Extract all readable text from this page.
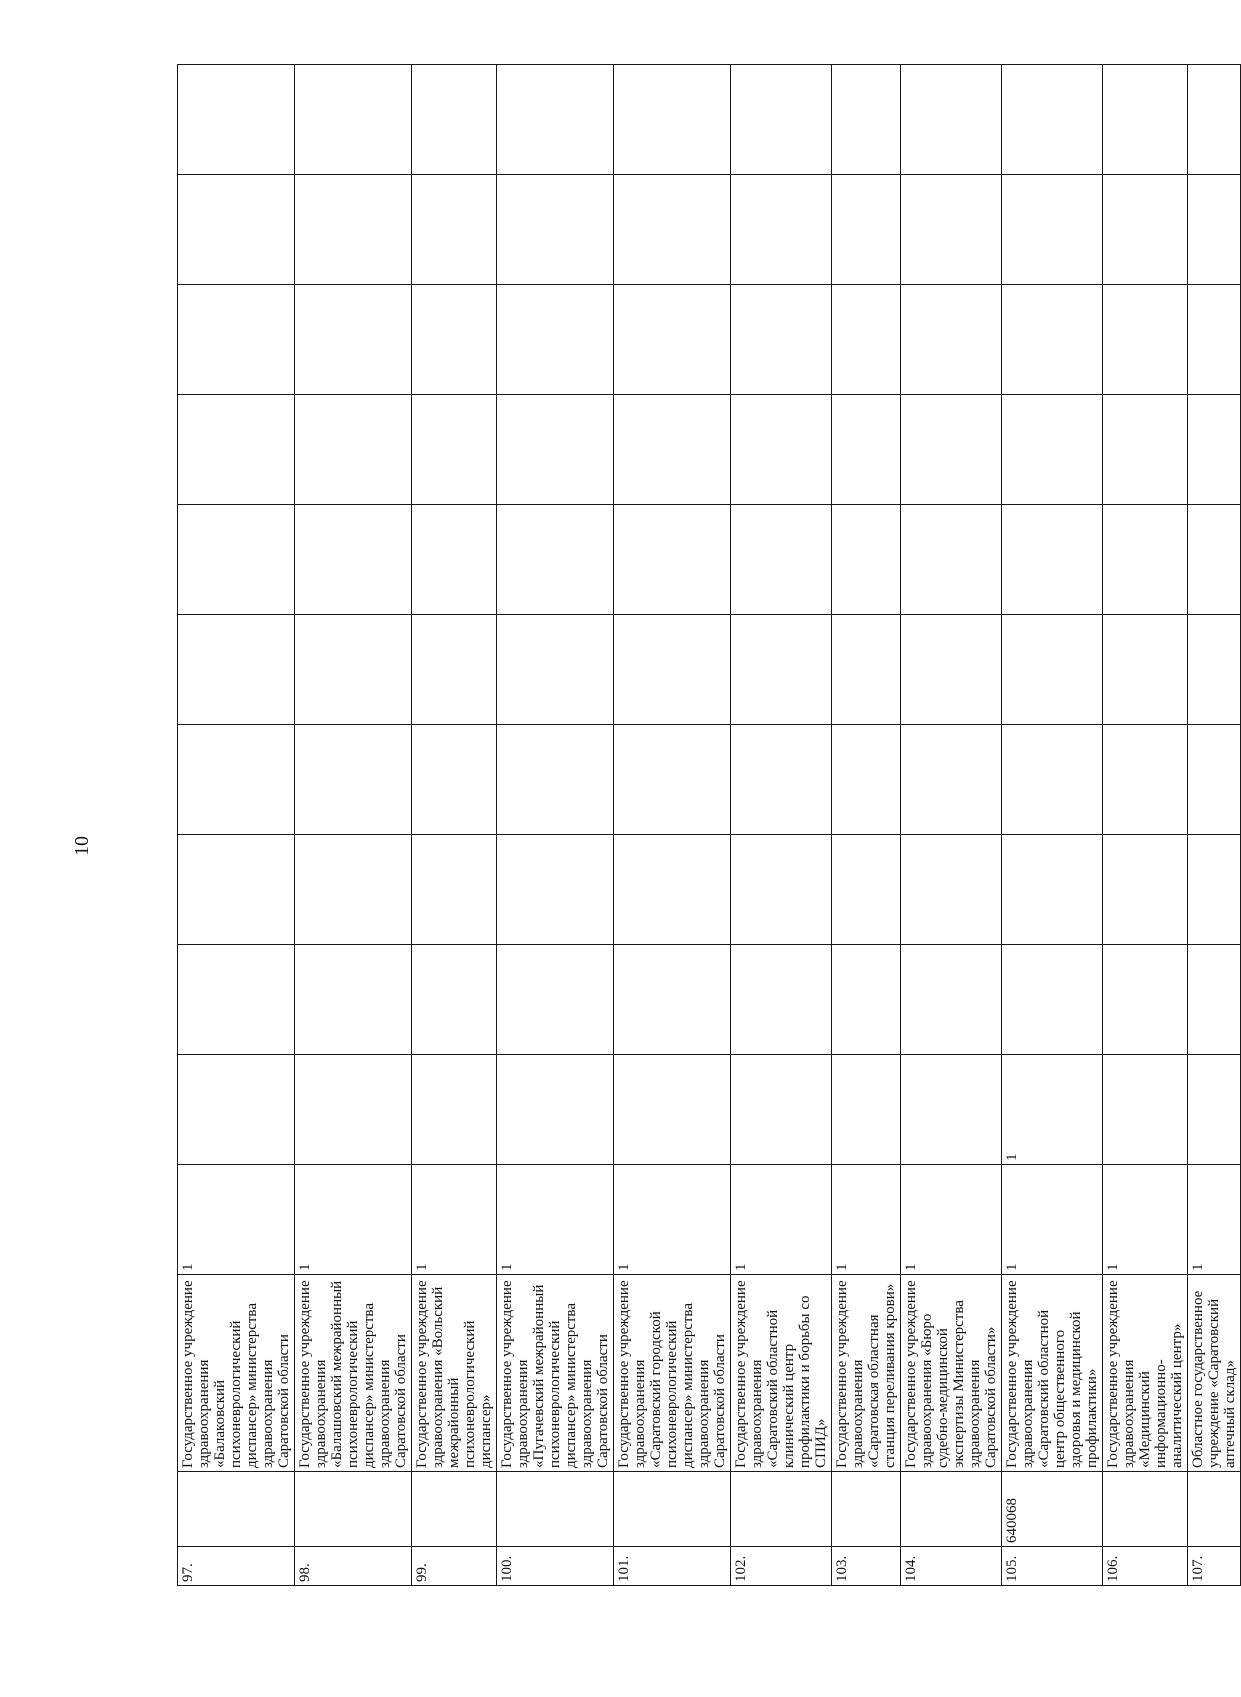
10
97.		Государственное учреждение здравоохранения «Балаковский психоневрологический диспансер» министерства здравоохранения Саратовской области	1										
98.		Государственное учреждение здравоохранения «Балашовский межрайонный психоневрологический диспансер» министерства здравоохранения Саратовской области	1										
99.		Государственное учреждение здравоохранения «Вольский межрайонный психоневрологический диспансер»	1										
100.		Государственное учреждение здравоохранения «Пугачевский межрайонный психоневрологический диспансер» министерства здравоохранения Саратовской области	1										
101.		Государственное учреждение здравоохранения «Саратовский городской психоневрологический диспансер» министерства здравоохранения Саратовской области	1										
102.		Государственное учреждение здравоохранения «Саратовский областной клинический центр профилактики и борьбы со СПИД»	1										
103.		Государственное учреждение здравоохранения «Саратовская областная станция переливания крови»	1										
104.		Государственное учреждение здравоохранения «Бюро судебно-медицинской экспертизы Министерства здравоохранения Саратовской области»	1										
105.	640068	Государственное учреждение здравоохранения «Саратовский областной центр общественного здоровья и медицинской профилактики»	1	1									
106.		Государственное учреждение здравоохранения «Медицинский информационно-аналитический центр»	1										
107.		Областное государственное учреждение «Саратовский аптечный склад»	1										
